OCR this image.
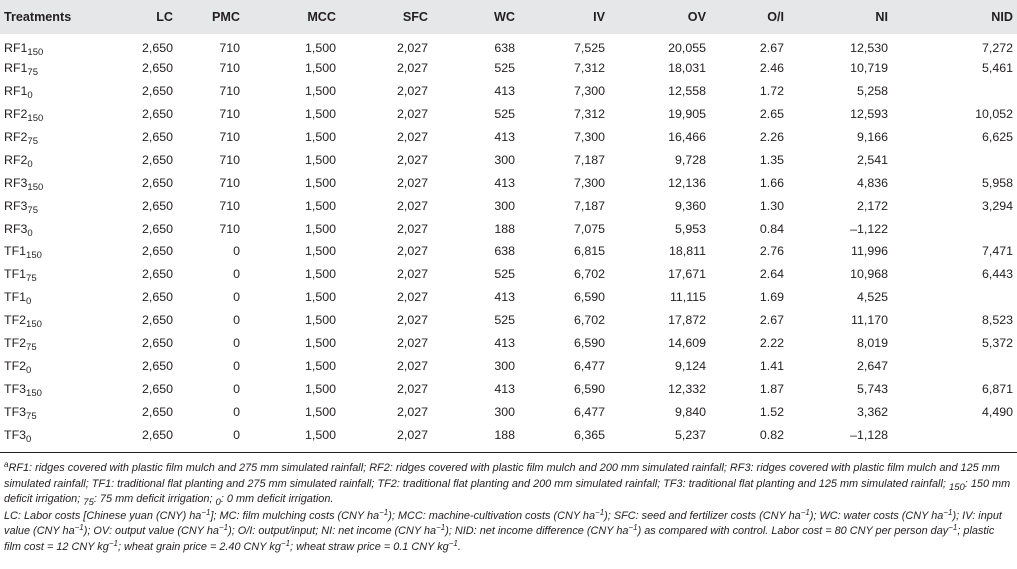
Treatments	LC	PMC	MCC	SFC	WC	IV	OV	O/I	NI	NID
$RF1_{150}$	2,650	710	1,500	2,027	638	7,525	20,055	2.67	12,530	7,272
$RF1_{75}$	2,650	710	1,500	2,027	525	7,312	18,031	2.46	10,719	5,461
$RF1_0$	2,650	710	1,500	2,027	413	7,300	12,558	1.72	5,258	
$RF2_{150}$	2,650	710	1,500	2,027	525	7,312	19,905	2.65	12,593	10,052
$RF2_{75}$	2,650	710	1,500	2,027	413	7,300	16,466	2.26	9,166	6,625
$RF2_0$	2,650	710	1,500	2,027	300	7,187	9,728	1.35	2,541	
$RF3_{150}$	2,650	710	1,500	2,027	413	7,300	12,136	1.66	4,836	5,958
$RF3_{75}$	2,650	710	1,500	2,027	300	7,187	9,360	1.30	2,172	3,294
$RF3_0$	2,650	710	1,500	2,027	188	7,075	5,953	0.84	–1,122	
$TF1_{150}$	2,650	0	1,500	2,027	638	6,815	18,811	2.76	11,996	7,471
$TF1_{75}$	2,650	0	1,500	2,027	525	6,702	17,671	2.64	10,968	6,443
$TF1_0$	2,650	0	1,500	2,027	413	6,590	11,115	1.69	4,525	
$TF2_{150}$	2,650	0	1,500	2,027	525	6,702	17,872	2.67	11,170	8,523
$TF2_{75}$	2,650	0	1,500	2,027	413	6,590	14,609	2.22	8,019	5,372
$TF2_0$	2,650	0	1,500	2,027	300	6,477	9,124	1.41	2,647	
$TF3_{150}$	2,650	0	1,500	2,027	413	6,590	12,332	1.87	5,743	6,871
$TF3_{75}$	2,650	0	1,500	2,027	300	6,477	9,840	1.52	3,362	4,490
$TF3_0$	2,650	0	1,500	2,027	188	6,365	5,237	0.82	–1,128	

$^a$RF1: ridges covered with plastic film mulch and 275 mm simulated rainfall; RF2: ridges covered with plastic film mulch and 200 mm simulated rainfall; RF3: ridges covered with plastic film mulch and 125 mm simulated rainfall; TF1: traditional flat planting and 275 mm simulated rainfall; TF2: traditional flat planting and 200 mm simulated rainfall; TF3: traditional flat planting and 125 mm simulated rainfall; $_{150}$: 150 mm deficit irrigation; $_{75}$: 75 mm deficit irrigation; $_0$: 0 mm deficit irrigation.

LC: Labor costs [Chinese yuan (CNY) $ha^{-1}$]; MC: film mulching costs (CNY $ha^{-1}$); MCC: machine-cultivation costs (CNY $ha^{-1}$); SFC: seed and fertilizer costs (CNY $ha^{-1}$); WC: water costs (CNY $ha^{-1}$); IV: input value (CNY $ha^{-1}$); OV: output value (CNY $ha^{-1}$); O/I: output/input; NI: net income (CNY $ha^{-1}$); NID: net income difference (CNY $ha^{-1}$) as compared with control. Labor cost = 80 CNY per person day$^{-1}$; plastic film cost = 12 CNY $kg^{-1}$; wheat grain price = 2.40 CNY $kg^{-1}$; wheat straw price = 0.1 CNY $kg^{-1}$.
